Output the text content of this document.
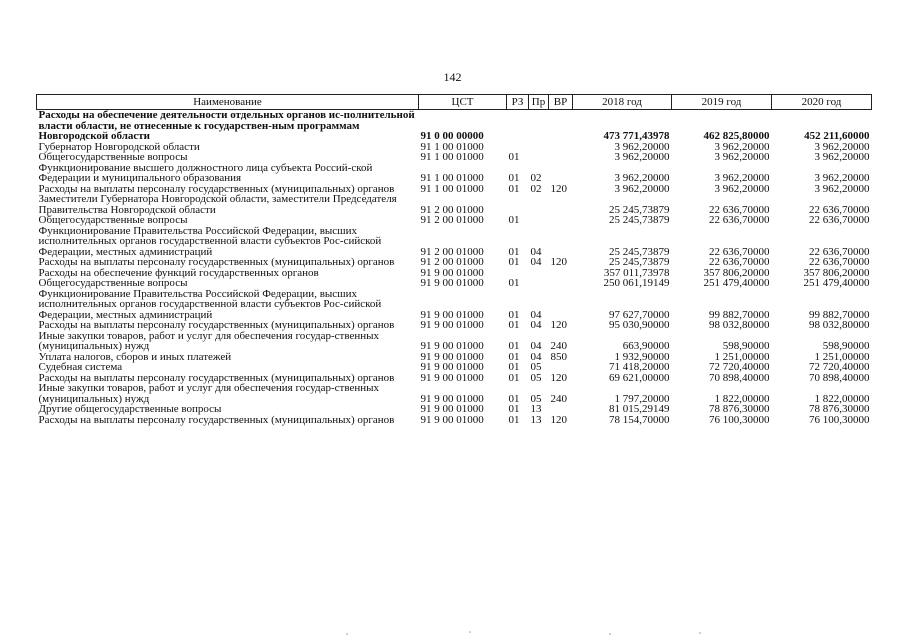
142
Наименование	ЦСТ	РЗ	Пр	ВР	2018 год	2019 год	2020 год
Расходы на обеспечение деятельности отдельных органов ис-полнительной власти области, не отнесенные к государствен-ным программам Новгородской области	91 0 00 00000				473 771,43978	462 825,80000	452 211,60000
Губернатор Новгородской области	91 1 00 01000				3 962,20000	3 962,20000	3 962,20000
Общегосударственные вопросы	91 1 00 01000	01			3 962,20000	3 962,20000	3 962,20000
Функционирование высшего должностного лица субъекта Россий-ской Федерации и муниципального образования	91 1 00 01000	01	02		3 962,20000	3 962,20000	3 962,20000
Расходы на выплаты персоналу государственных (муниципальных) органов	91 1 00 01000	01	02	120	3 962,20000	3 962,20000	3 962,20000
Заместители Губернатора Новгородской области, заместители Председателя Правительства Новгородской области	91 2 00 01000				25 245,73879	22 636,70000	22 636,70000
Общегосударственные вопросы	91 2 00 01000	01			25 245,73879	22 636,70000	22 636,70000
Функционирование Правительства Российской Федерации, высших исполнительных органов государственной власти субъектов Рос-сийской Федерации, местных администраций	91 2 00 01000	01	04		25 245,73879	22 636,70000	22 636,70000
Расходы на выплаты персоналу государственных (муниципальных) органов	91 2 00 01000	01	04	120	25 245,73879	22 636,70000	22 636,70000
Расходы на обеспечение функций государственных органов	91 9 00 01000				357 011,73978	357 806,20000	357 806,20000
Общегосударственные вопросы	91 9 00 01000	01			250 061,19149	251 479,40000	251 479,40000
Функционирование Правительства Российской Федерации, высших исполнительных органов государственной власти субъектов Рос-сийской Федерации, местных администраций	91 9 00 01000	01	04		97 627,70000	99 882,70000	99 882,70000
Расходы на выплаты персоналу государственных (муниципальных) органов	91 9 00 01000	01	04	120	95 030,90000	98 032,80000	98 032,80000
Иные закупки товаров, работ и услуг для обеспечения государ-ственных (муниципальных) нужд	91 9 00 01000	01	04	240	663,90000	598,90000	598,90000
Уплата налогов, сборов и иных платежей	91 9 00 01000	01	04	850	1 932,90000	1 251,00000	1 251,00000
Судебная система	91 9 00 01000	01	05		71 418,20000	72 720,40000	72 720,40000
Расходы на выплаты персоналу государственных (муниципальных) органов	91 9 00 01000	01	05	120	69 621,00000	70 898,40000	70 898,40000
Иные закупки товаров, работ и услуг для обеспечения государ-ственных (муниципальных) нужд	91 9 00 01000	01	05	240	1 797,20000	1 822,00000	1 822,00000
Другие общегосударственные вопросы	91 9 00 01000	01	13		81 015,29149	78 876,30000	78 876,30000
Расходы на выплаты персоналу государственных (муниципальных) органов	91 9 00 01000	01	13	120	78 154,70000	76 100,30000	76 100,30000
